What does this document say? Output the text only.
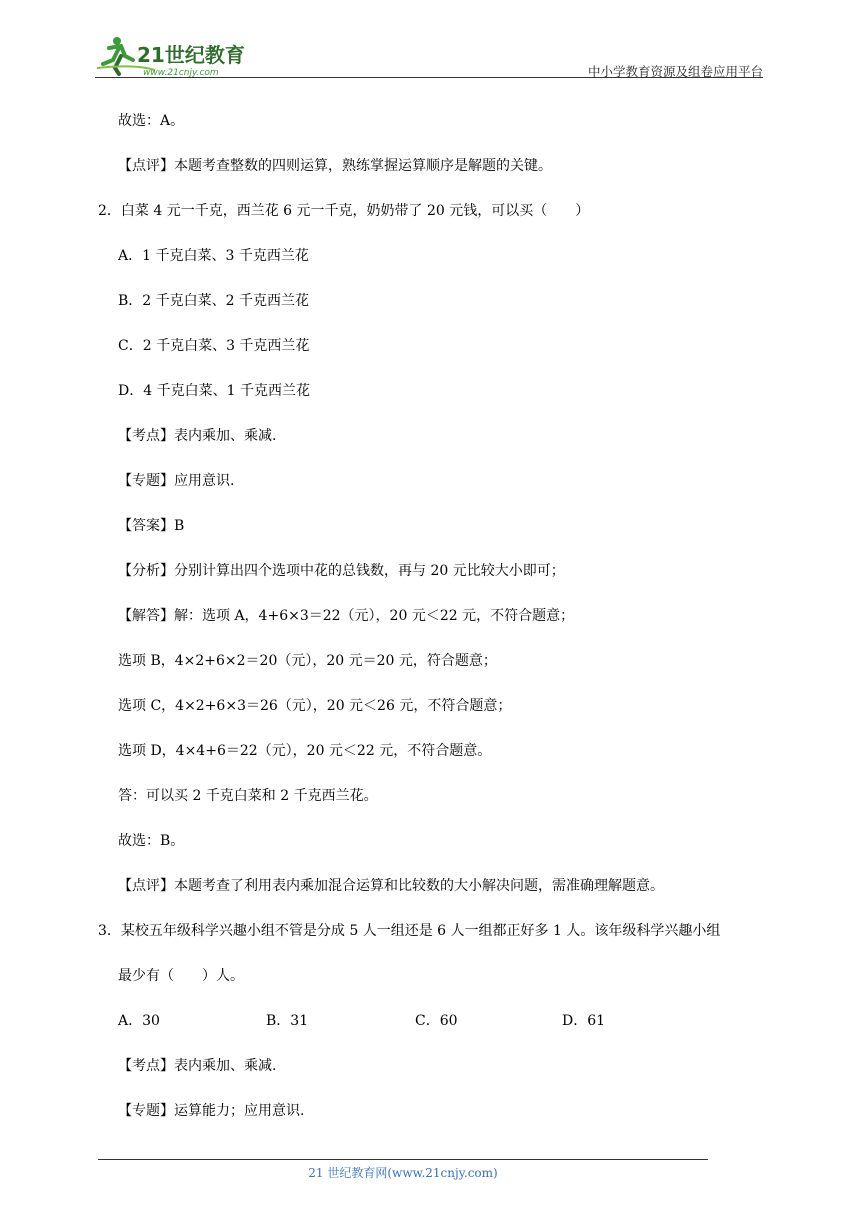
21世纪教育
www.21cnjy.com	中小学教育资源及组卷应用平台
故选：A。
【点评】本题考查整数的四则运算，熟练掌握运算顺序是解题的关键。
2．白菜 4 元一千克，西兰花 6 元一千克，奶奶带了 20 元钱，可以买（　　）
A．1 千克白菜、3 千克西兰花
B．2 千克白菜、2 千克西兰花
C．2 千克白菜、3 千克西兰花
D．4 千克白菜、1 千克西兰花
【考点】表内乘加、乘减.
【专题】应用意识.
【答案】B
【分析】分别计算出四个选项中花的总钱数，再与 20 元比较大小即可；
【解答】解：选项 A，4+6×3＝22（元），20 元＜22 元，不符合题意；
选项 B，4×2+6×2＝20（元），20 元＝20 元，符合题意；
选项 C，4×2+6×3＝26（元），20 元＜26 元，不符合题意；
选项 D，4×4+6＝22（元），20 元＜22 元，不符合题意。
答：可以买 2 千克白菜和 2 千克西兰花。
故选：B。
【点评】本题考查了利用表内乘加混合运算和比较数的大小解决问题，需准确理解题意。
3．某校五年级科学兴趣小组不管是分成 5 人一组还是 6 人一组都正好多 1 人。该年级科学兴趣小组
最少有（　　）人。
A．30	B．31	C．60	D．61
【考点】表内乘加、乘减.
【专题】运算能力；应用意识.
21 世纪教育网(www.21cnjy.com)
